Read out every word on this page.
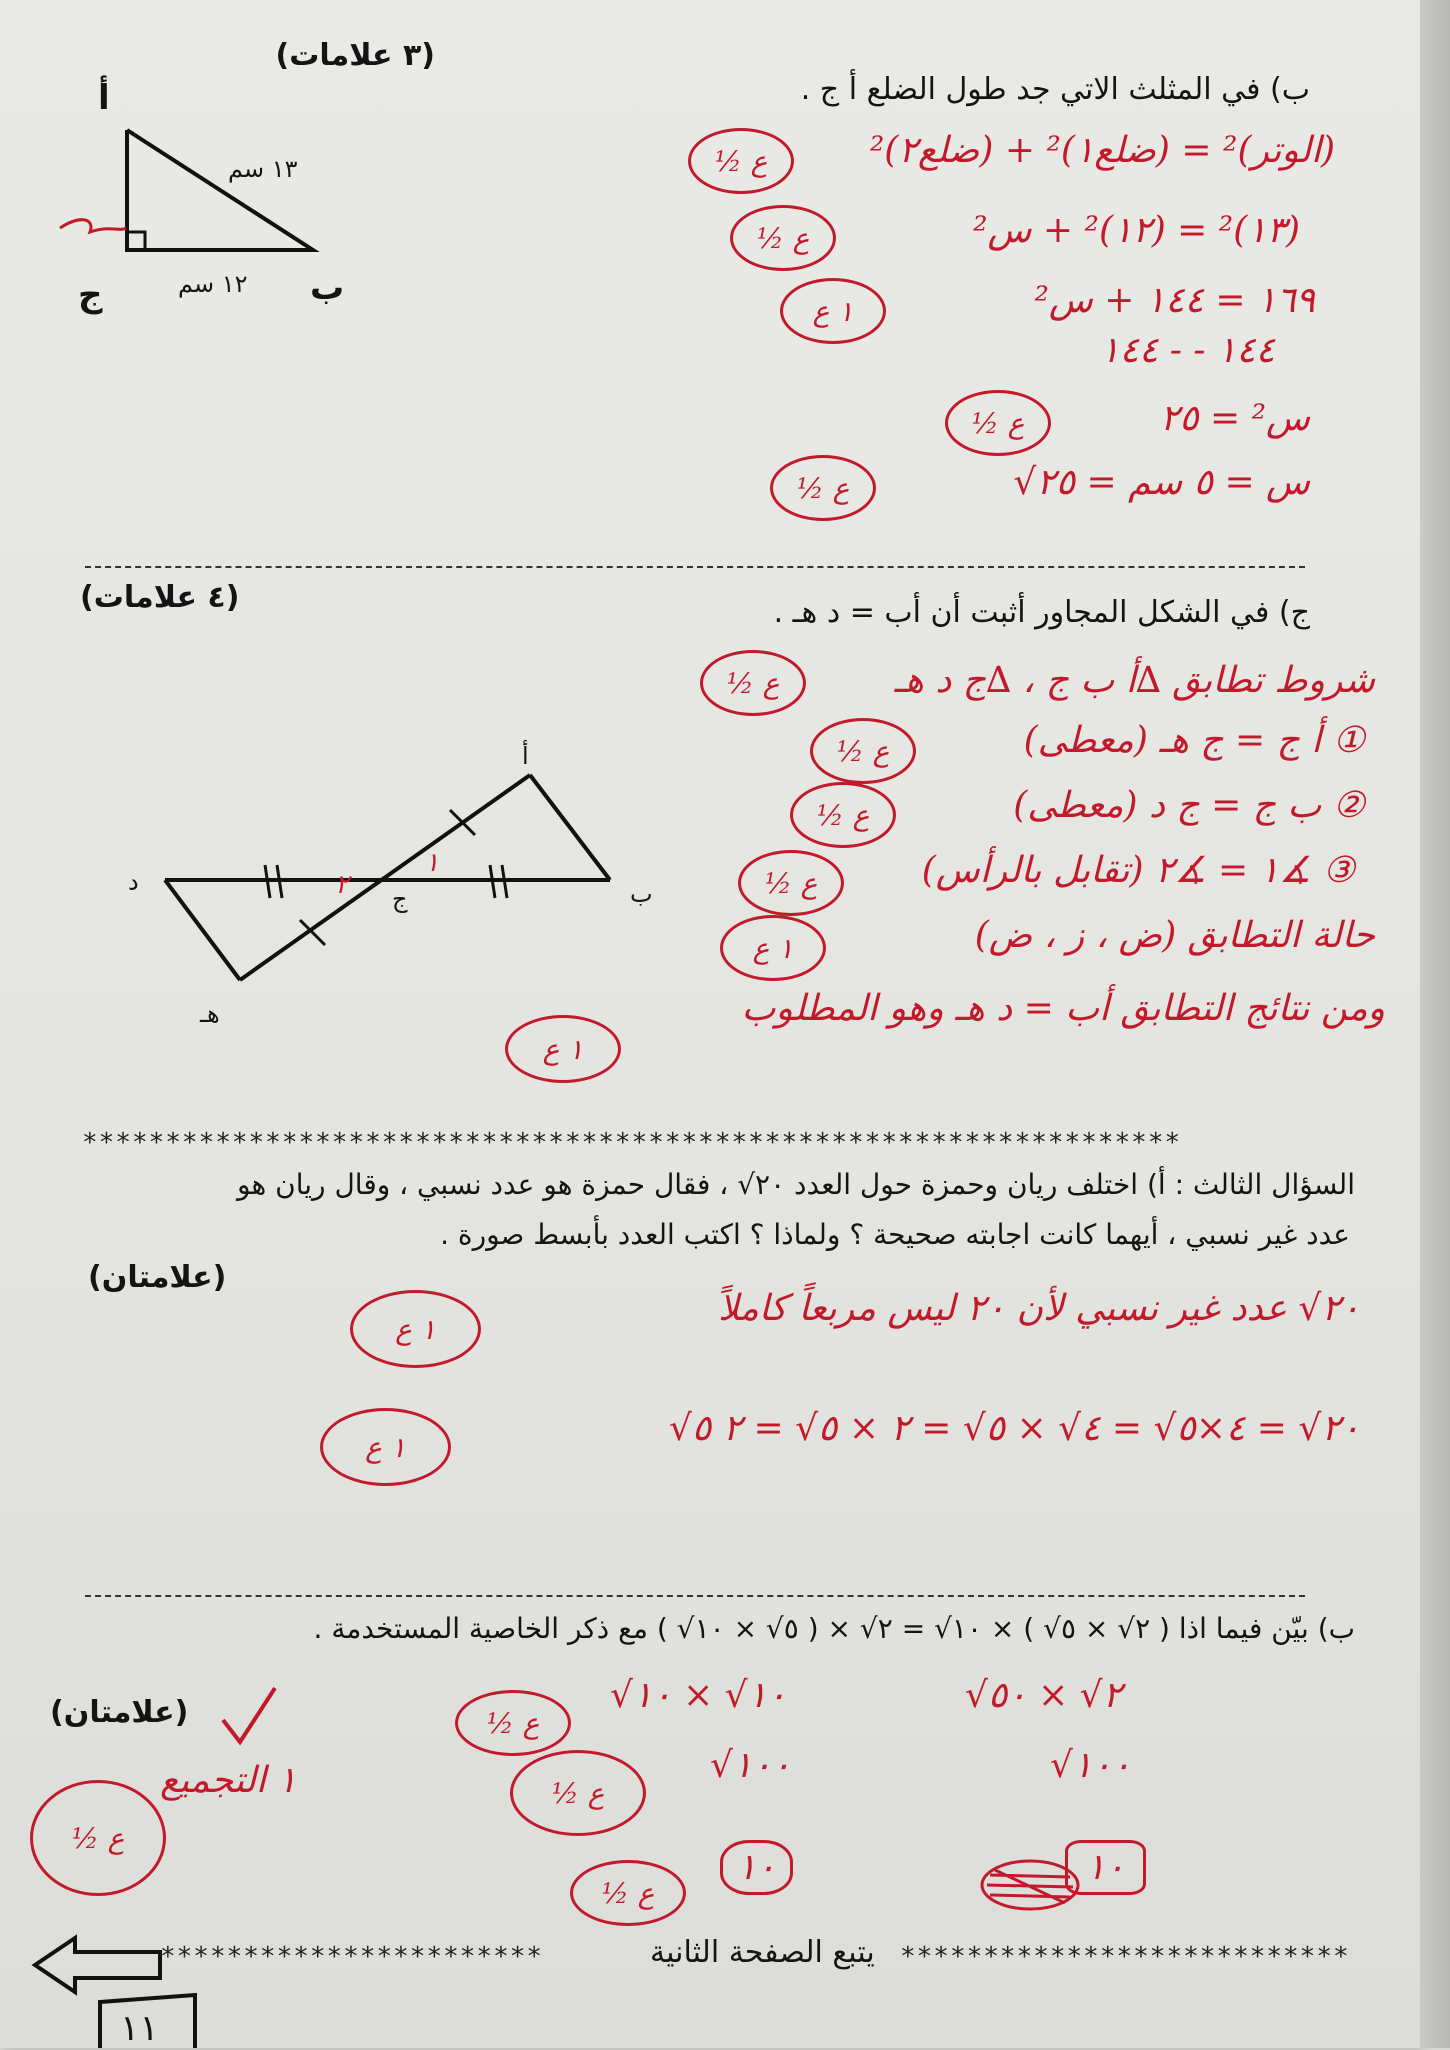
(٣ علامات)
ب) في المثلث الاتي جد طول الضلع أ ج .
أ
ب
ج
١٣ سم
١٢ سم
(الوتر)² = (ضلع١)² + (ضلع٢)²
(١٣)² = (١٢)² + س²
١٦٩ = ١٤٤ + س²
١٤٤ - - ١٤٤
س² = ٢٥
س = ٥ سم = ٢٥√
½ ع
½ ع
١ ع
½ ع
½ ع
(٤ علامات)	ج) في الشكل المجاور أثبت أن أب = د هـ .
أ
ب
ج
د
هـ
١
٢
شروط تطابق ∆أ ب ج ، ∆ج د هـ
① أ ج = ج هـ (معطى)
② ب ج = ج د (معطى)
③ ∡١ = ∡٢ (تقابل بالرأس)
حالة التطابق (ض ، ز ، ض)
ومن نتائج التطابق أب = د هـ وهو المطلوب
½ ع
½ ع
½ ع
½ ع
١ ع
١ ع
******************************************************************
السؤال الثالث : أ) اختلف ريان وحمزة حول العدد ٢٠√ ، فقال حمزة هو عدد نسبي ، وقال ريان هو
عدد غير نسبي ، أيهما كانت اجابته صحيحة ؟ ولماذا ؟ اكتب العدد بأبسط صورة .
(علامتان)
٢٠√ عدد غير نسبي لأن ٢٠ ليس مربعاً كاملاً
٢٠√ = ٤×٥√ = ٤√ × ٥√ = ٢ × ٥√ = ٢ ٥√
١ ع
١ ع
ب) بيّن فيما اذا ( ٢√ × ٥√ ) × ١٠√ = ٢√ × ( ٥√ × ١٠√ ) مع ذكر الخاصية المستخدمة .
(علامتان)	١٠√ × ١٠√
١٠٠√
١٠
٢√ × ٥٠√
١٠٠√
١٠
١ التجميع
½ ع
½ ع
½ ع
½ ع
***********************	يتبع الصفحة الثانية ***************************
١١
